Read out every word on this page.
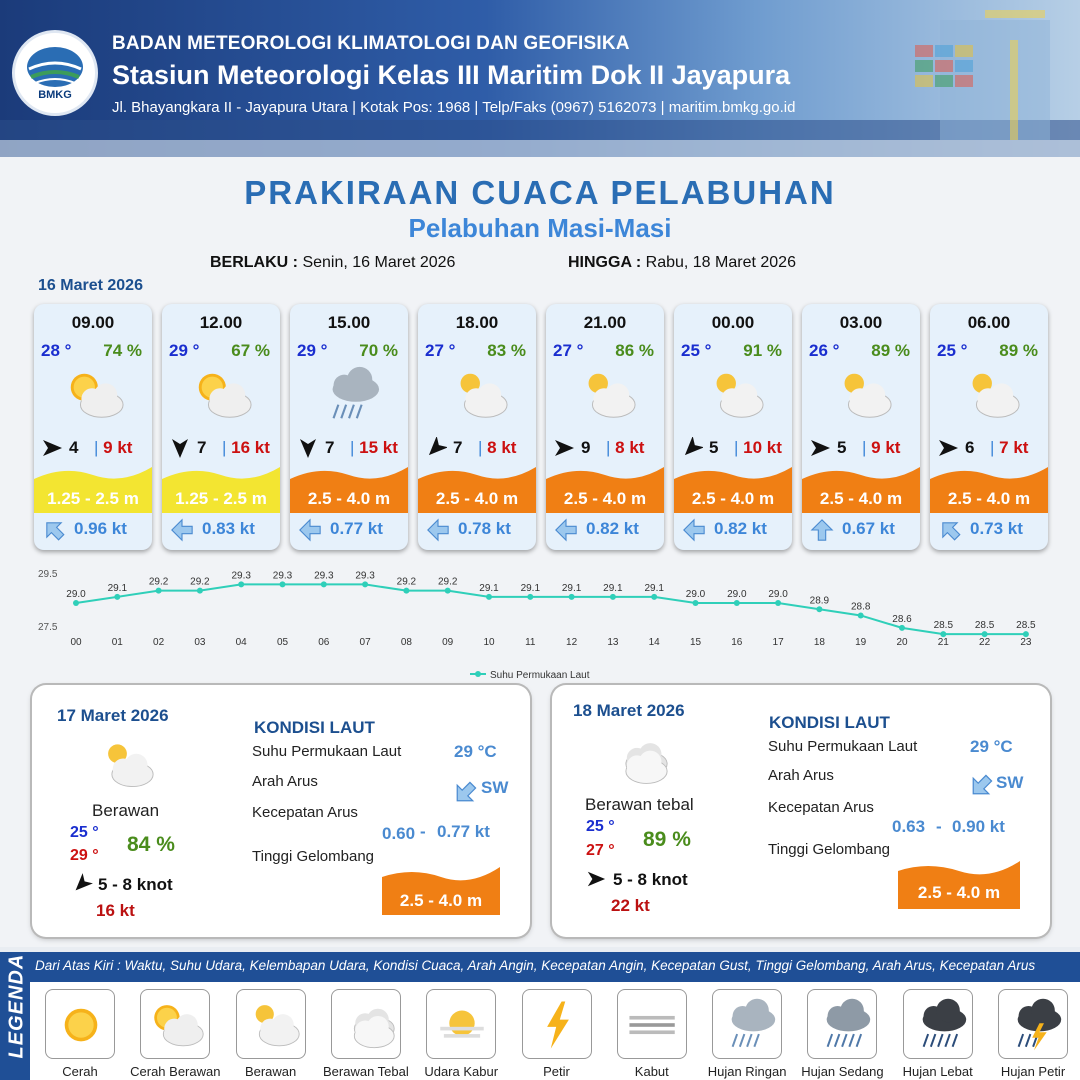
BMKG
BADAN METEOROLOGI KLIMATOLOGI DAN GEOFISIKA
Stasiun Meteorologi Kelas III Maritim Dok II Jayapura
Jl. Bhayangkara II - Jayapura Utara | Kotak Pos: 1968 | Telp/Faks (0967) 5162073 | maritim.bmkg.go.id
PRAKIRAAN CUACA PELABUHAN
Pelabuhan Masi-Masi
BERLAKU : Senin, 16 Maret 2026	HINGGA : Rabu, 18 Maret 2026
16 Maret 2026
09.00
28 ° 74 %
4 | 9 kt
1.25 - 2.5 m
0.96 kt
12.00
29 ° 67 %
7 | 16 kt
1.25 - 2.5 m
0.83 kt
15.00
29 ° 70 %
7 | 15 kt
2.5 - 4.0 m
0.77 kt
18.00
27 ° 83 %
7 | 8 kt
2.5 - 4.0 m
0.78 kt
21.00
27 ° 86 %
9 | 8 kt
2.5 - 4.0 m
0.82 kt
00.00
25 ° 91 %
5 | 10 kt
2.5 - 4.0 m
0.82 kt
03.00
26 ° 89 %
5 | 9 kt
2.5 - 4.0 m
0.67 kt
06.00
25 ° 89 %
6 | 7 kt
2.5 - 4.0 m
0.73 kt
29.5
27.5
29.0
00
29.1
01
29.2
02
29.2
03
29.3
04
29.3
05
29.3
06
29.3
07
29.2
08
29.2
09
29.1
10
29.1
11
29.1
12
29.1
13
29.1
14
29.0
15
29.0
16
29.0
17
28.9
18
28.8
19
28.6
20
28.5
21
28.5
22
28.5
23
Suhu Permukaan Laut
17 Maret 2026
Berawan
25 °
29 ° 84 %
5 - 8 knot
16 kt
KONDISI LAUT
Suhu Permukaan Laut	29 °C
Arah Arus	SW
Kecepatan Arus
0.60 - 0.77 kt
Tinggi Gelombang
2.5 - 4.0 m
18 Maret 2026
Berawan tebal
25 °
27 ° 89 %
5 - 8 knot
22 kt
KONDISI LAUT
Suhu Permukaan Laut	29 °C
Arah Arus	SW
Kecepatan Arus
0.63 - 0.90 kt
Tinggi Gelombang
2.5 - 4.0 m
LEGENDA Dari Atas Kiri : Waktu, Suhu Udara, Kelembapan Udara, Kondisi Cuaca, Arah Angin, Kecepatan Angin, Kecepatan Gust, Tinggi Gelombang, Arah Arus, Kecepatan Arus
Cerah	Cerah Berawan	Berawan	Berawan Tebal	Udara Kabur	Petir	Kabut	Hujan Ringan	Hujan Sedang	Hujan Lebat	Hujan Petir
